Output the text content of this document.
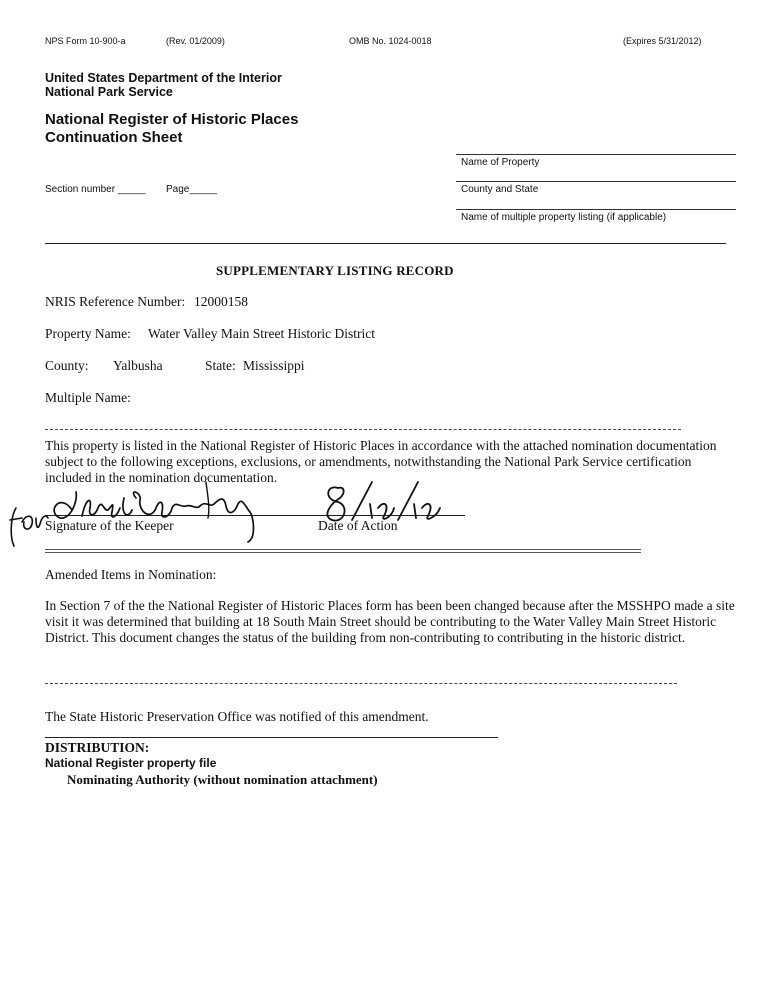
NPS Form 10-900-a	(Rev. 01/2009)	OMB No. 1024-0018	(Expires 5/31/2012)
United States Department of the Interior
National Park Service
National Register of Historic Places
Continuation Sheet
Name of Property
County and State
Name of multiple property listing (if applicable)
Section number _____ Page_____
SUPPLEMENTARY LISTING RECORD
NRIS Reference Number: 12000158
Property Name: Water Valley Main Street Historic District
County: Yalbusha	State: Mississippi
Multiple Name:
This property is listed in the National Register of Historic Places in accordance with the attached nomination documentation subject to the following exceptions, exclusions, or amendments, notwithstanding the National Park Service certification included in the nomination documentation.
Signature of the Keeper	Date of Action
Amended Items in Nomination:
In Section 7 of the the National Register of Historic Places form has been been changed because after the MSSHPO made a site visit it was determined that building at 18 South Main Street should be contributing to the Water Valley Main Street Historic District. This document changes the status of the building from non-contributing to contributing in the historic district.
The State Historic Preservation Office was notified of this amendment.
DISTRIBUTION:
National Register property file
Nominating Authority (without nomination attachment)
